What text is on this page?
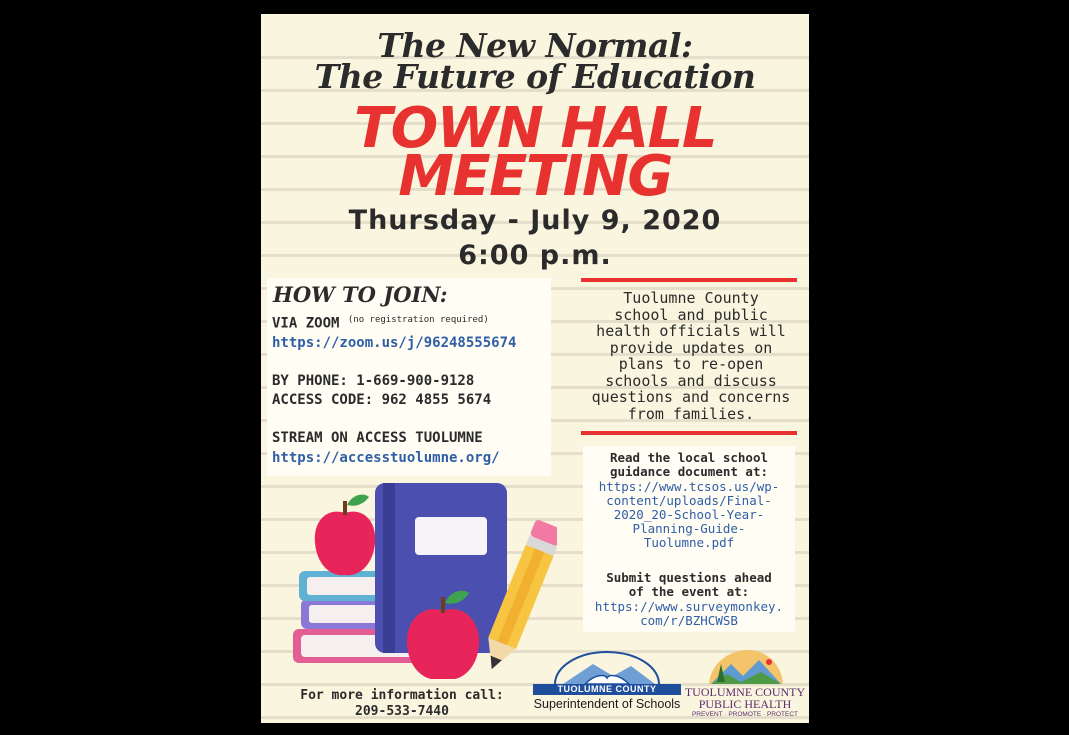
The New Normal:
The Future of Education
TOWN HALL
MEETING
Thursday - July 9, 2020
6:00 p.m.
HOW TO JOIN:
VIA ZOOM $^{(no registration required)}$
https://zoom.us/j/96248555674
BY PHONE: 1-669-900-9128
ACCESS CODE: 962 4855 5674
STREAM ON ACCESS TUOLUMNE
https://accesstuolumne.org/
Tuolumne County
school and public
health officials will
provide updates on
plans to re-open
schools and discuss
questions and concerns
from families.
Read the local school
guidance document at:
https://www.tcsos.us/wp-
content/uploads/Final-
2020_20-School-Year-
Planning-Guide-
Tuolumne.pdf
Submit questions ahead
of the event at:
https://www.surveymonkey.
com/r/BZHCWSB
For more information call:
209-533-7440
TUOLUMNE COUNTY
Superintendent of Schools
TUOLUMNE COUNTY
PUBLIC HEALTH
PREVENT · PROMOTE · PROTECT
